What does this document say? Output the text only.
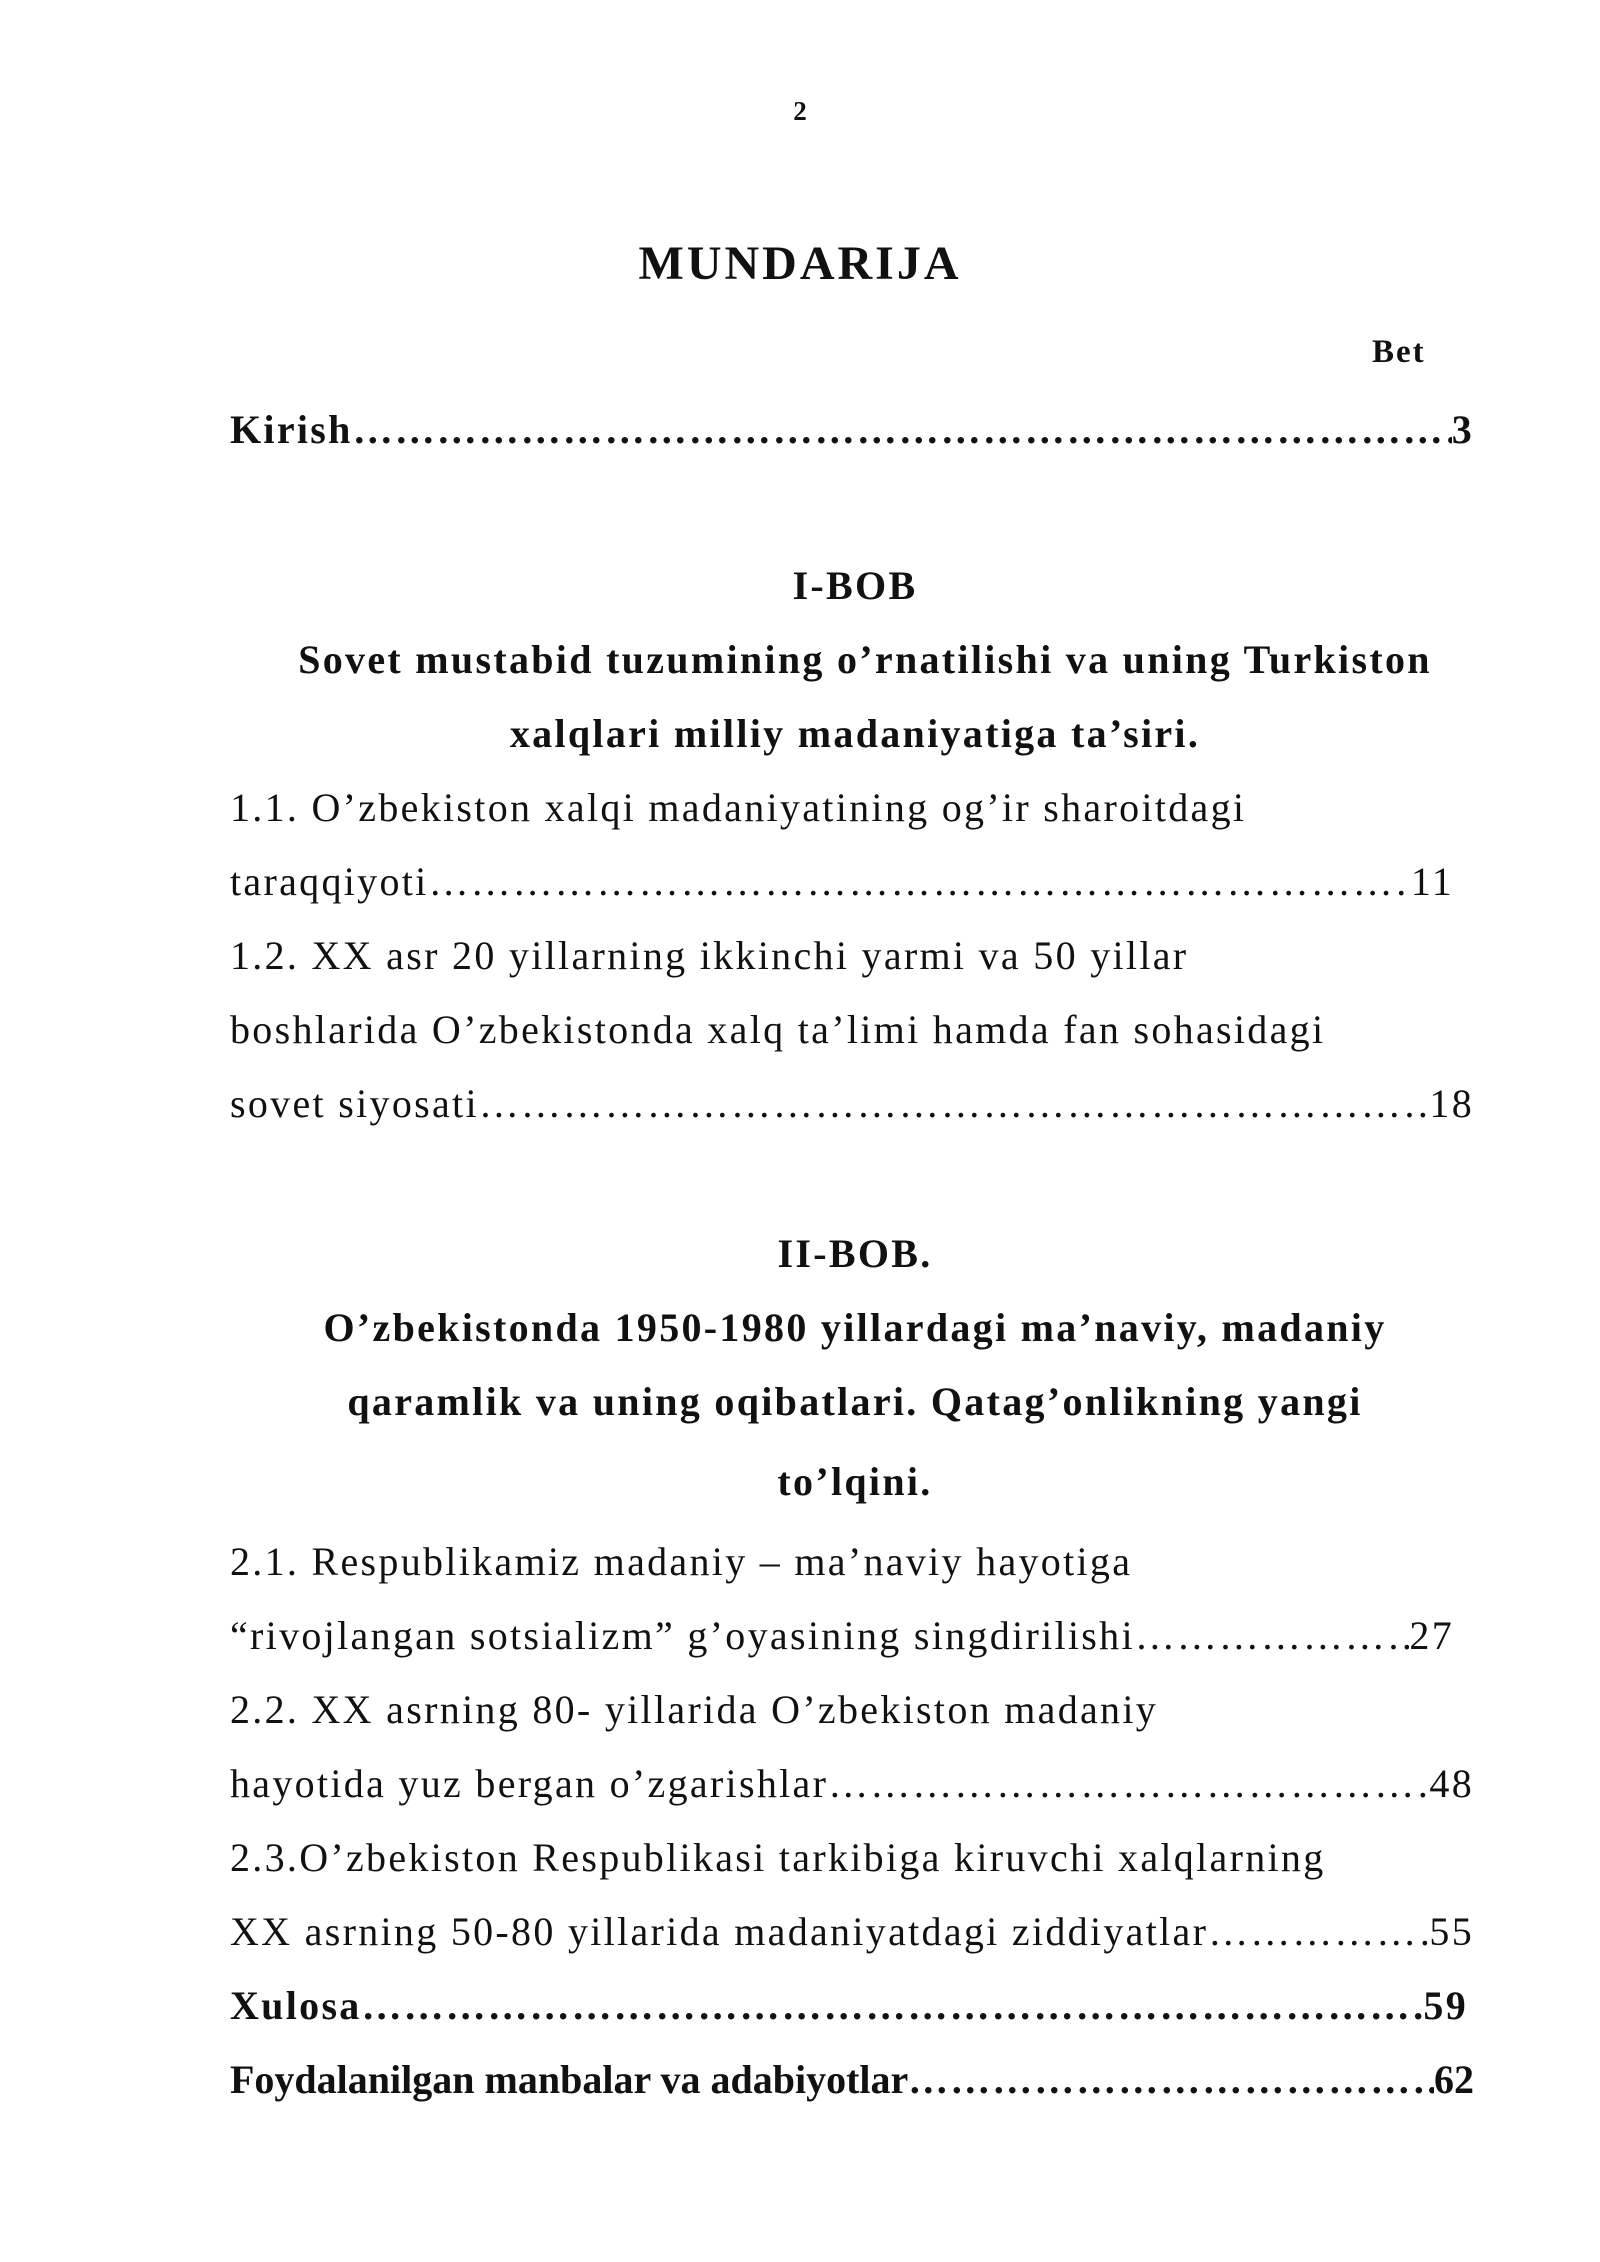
2
MUNDARIJA
Bet
Kirish ……………………………………………………………………………………………………………………………………………………………………	3
I-BOB
Sovet mustabid tuzumining o’rnatilishi va uning Turkiston
xalqlari milliy madaniyatiga ta’siri.
1.1. O’zbekiston xalqi madaniyatining og’ir sharoitdagi
taraqqiyoti ……………………………………………………………………………………………………………………………………………………………………	11
1.2. XX asr 20 yillarning ikkinchi yarmi va 50 yillar
boshlarida O’zbekistonda xalq ta’limi hamda fan sohasidagi
sovet siyosati ……………………………………………………………………………………………………………………………………………………………………	18
II-BOB.
O’zbekistonda 1950-1980 yillardagi ma’naviy, madaniy
qaramlik va uning oqibatlari. Qatag’onlikning yangi
to’lqini.
2.1. Respublikamiz madaniy – ma’naviy hayotiga
“rivojlangan sotsializm” g’oyasining singdirilishi ……………………………………………………………………………………………………………………………………………………………………	27
2.2. XX asrning 80- yillarida O’zbekiston madaniy
hayotida yuz bergan o’zgarishlar ……………………………………………………………………………………………………………………………………………………………………	48
2.3.O’zbekiston Respublikasi tarkibiga kiruvchi xalqlarning
XX asrning 50-80 yillarida madaniyatdagi ziddiyatlar ……………………………………………………………………………………………………………………………………………………………………	55
Xulosa ……………………………………………………………………………………………………………………………………………………………………	59
Foydalanilgan manbalar va adabiyotlar ……………………………………………………………………………………………………………………………………………………………………	62
